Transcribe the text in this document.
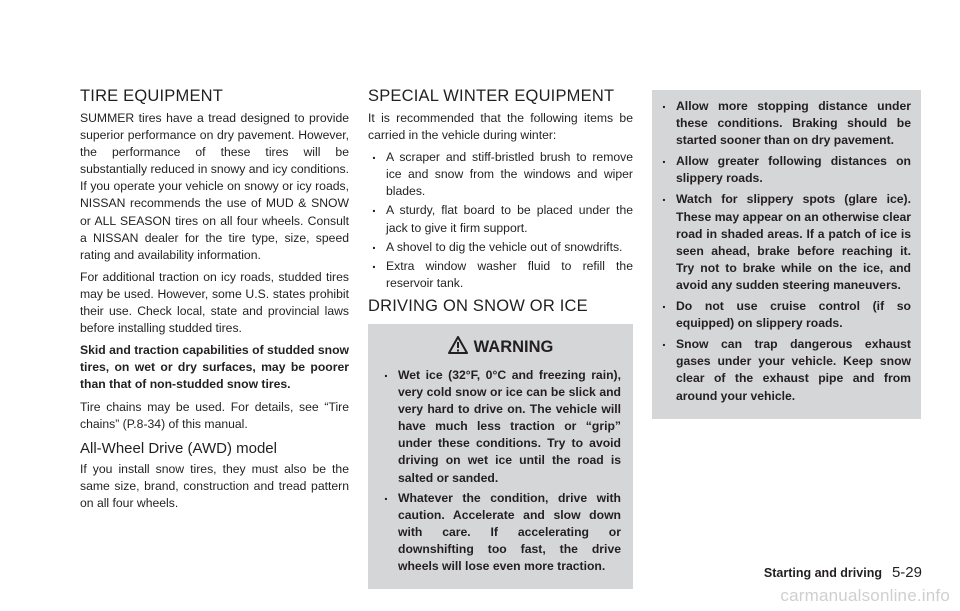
TIRE EQUIPMENT

SUMMER tires have a tread designed to provide superior performance on dry pavement. However, the performance of these tires will be substantially reduced in snowy and icy conditions. If you operate your vehicle on snowy or icy roads, NISSAN recommends the use of MUD & SNOW or ALL SEASON tires on all four wheels. Consult a NISSAN dealer for the tire type, size, speed rating and availability information.

For additional traction on icy roads, studded tires may be used. However, some U.S. states prohibit their use. Check local, state and provincial laws before installing studded tires.

Skid and traction capabilities of studded snow tires, on wet or dry surfaces, may be poorer than that of non-studded snow tires.

Tire chains may be used. For details, see “Tire chains” (P.8-34) of this manual.

All-Wheel Drive (AWD) model

If you install snow tires, they must also be the same size, brand, construction and tread pattern on all four wheels.

SPECIAL WINTER EQUIPMENT

It is recommended that the following items be carried in the vehicle during winter:

. A scraper and stiff-bristled brush to remove ice and snow from the windows and wiper blades.
. A sturdy, flat board to be placed under the jack to give it firm support.
. A shovel to dig the vehicle out of snowdrifts.
. Extra window washer fluid to refill the reservoir tank.
DRIVING ON SNOW OR ICE
WARNING
. Wet ice (32°F, 0°C and freezing rain), very cold snow or ice can be slick and very hard to drive on. The vehicle will have much less traction or “grip” under these conditions. Try to avoid driving on wet ice until the road is salted or sanded.
. Whatever the condition, drive with caution. Accelerate and slow down with care. If accelerating or downshifting too fast, the drive wheels will lose even more traction.
. Allow more stopping distance under these conditions. Braking should be started sooner than on dry pavement.
. Allow greater following distances on slippery roads.
. Watch for slippery spots (glare ice). These may appear on an otherwise clear road in shaded areas. If a patch of ice is seen ahead, brake before reaching it. Try not to brake while on the ice, and avoid any sudden steering maneuvers.
. Do not use cruise control (if so equipped) on slippery roads.
. Snow can trap dangerous exhaust gases under your vehicle. Keep snow clear of the exhaust pipe and from around your vehicle.
Starting and driving 5-29
carmanualsonline.info
